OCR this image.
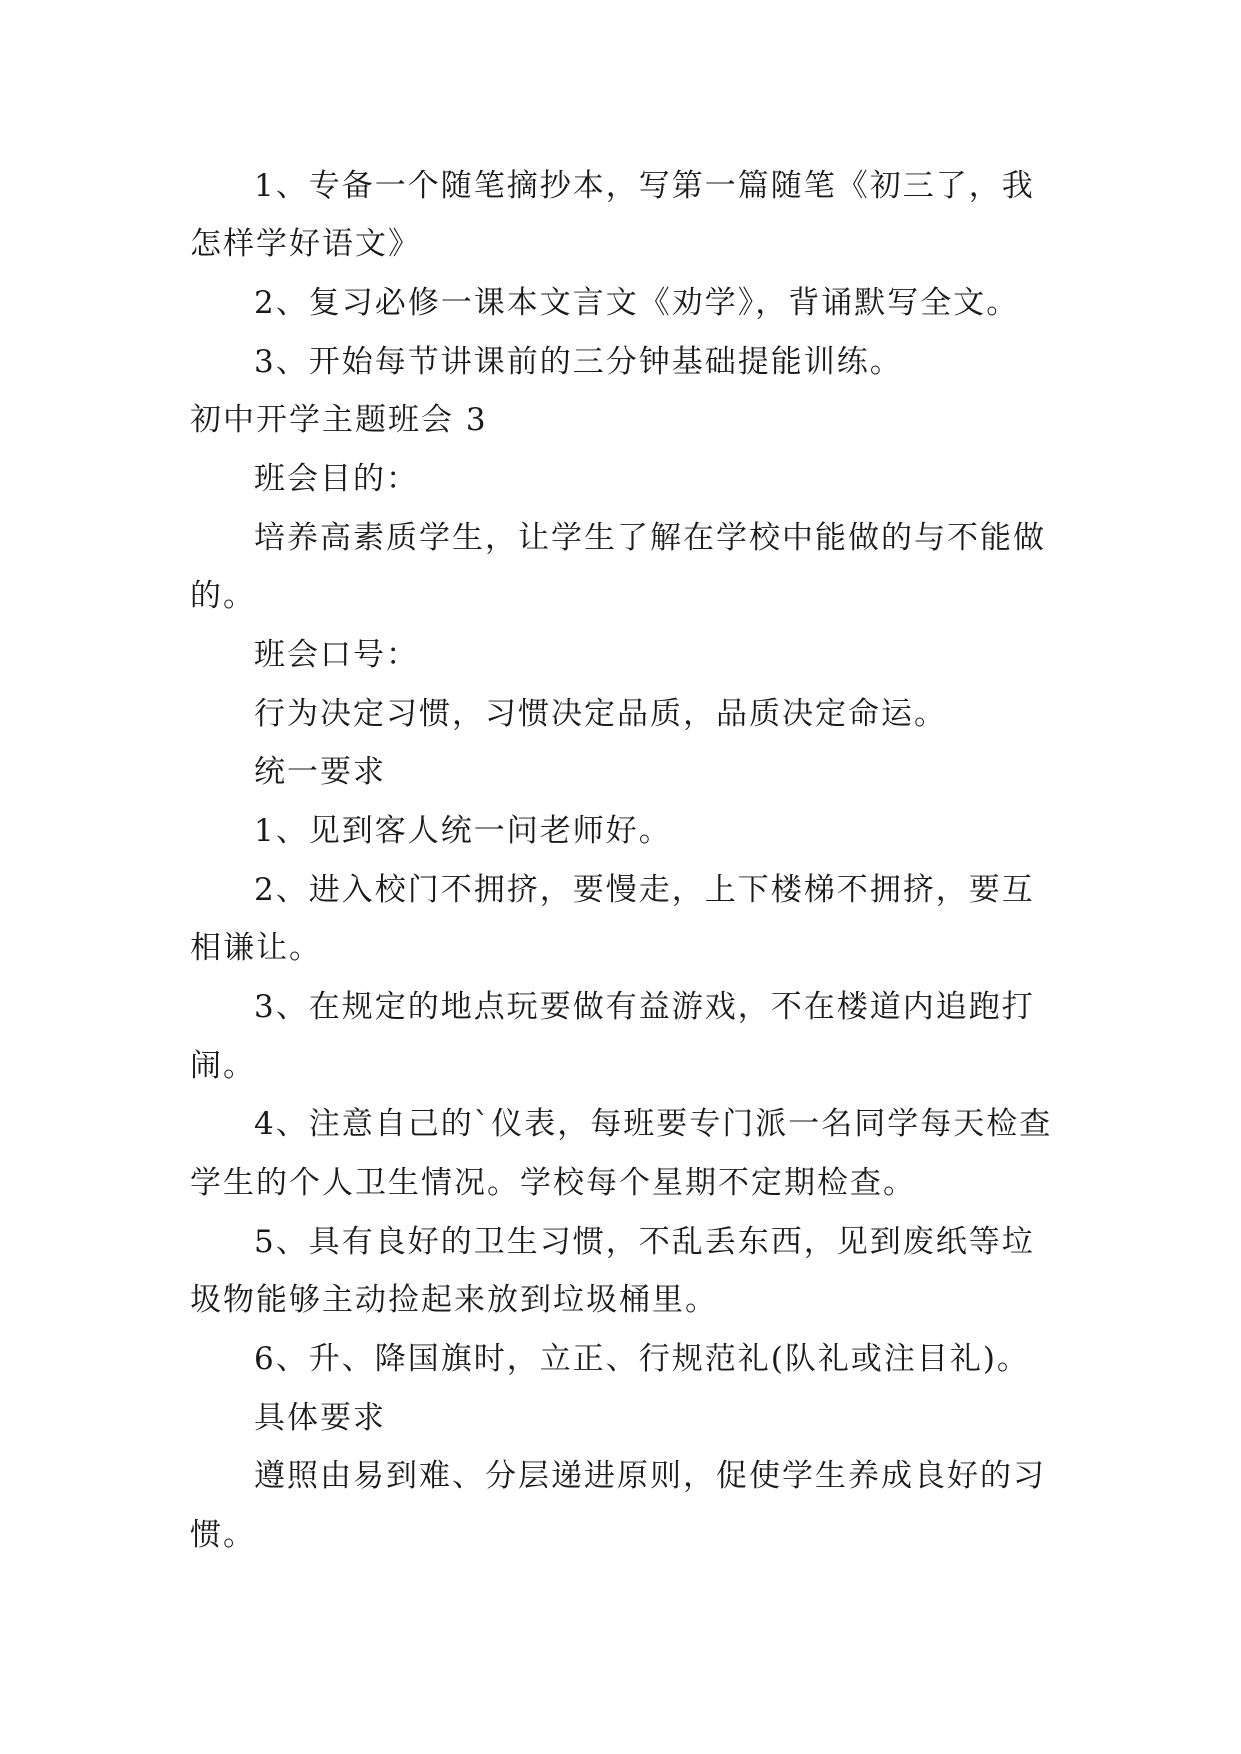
1、专备一个随笔摘抄本，写第一篇随笔《初三了，我
怎样学好语文》
2、复习必修一课本文言文《劝学》，背诵默写全文。
3、开始每节讲课前的三分钟基础提能训练。
初中开学主题班会 3
班会目的：
培养高素质学生，让学生了解在学校中能做的与不能做
的。
班会口号：
行为决定习惯，习惯决定品质，品质决定命运。
统一要求
1、见到客人统一问老师好。
2、进入校门不拥挤，要慢走，上下楼梯不拥挤，要互
相谦让。
3、在规定的地点玩要做有益游戏，不在楼道内追跑打
闹。
4、注意自己的`仪表，每班要专门派一名同学每天检查
学生的个人卫生情况。学校每个星期不定期检查。
5、具有良好的卫生习惯，不乱丢东西，见到废纸等垃
圾物能够主动捡起来放到垃圾桶里。
6、升、降国旗时，立正、行规范礼(队礼或注目礼)。
具体要求
遵照由易到难、分层递进原则，促使学生养成良好的习
惯。
